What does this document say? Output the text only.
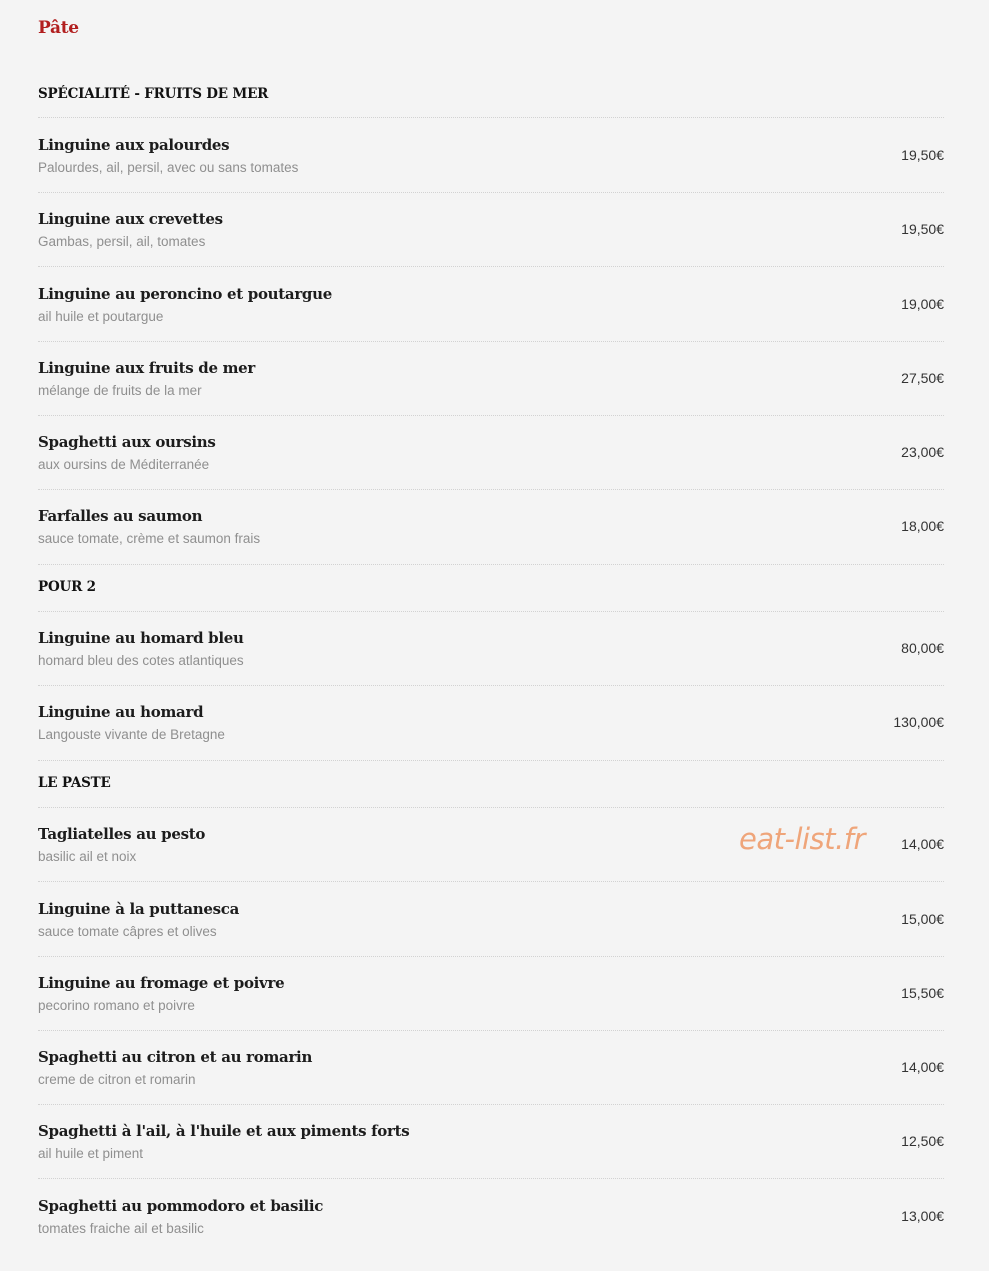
Pâte
SPÉCIALITÉ - FRUITS DE MER
Linguine aux palourdes
Palourdes, ail, persil, avec ou sans tomates
19,50€
Linguine aux crevettes
Gambas, persil, ail, tomates
19,50€
Linguine au peroncino et poutargue
ail huile et poutargue
19,00€
Linguine aux fruits de mer
mélange de fruits de la mer
27,50€
Spaghetti aux oursins
aux oursins de Méditerranée
23,00€
Farfalles au saumon
sauce tomate, crème et saumon frais
18,00€
POUR 2
Linguine au homard bleu
homard bleu des cotes atlantiques
80,00€
Linguine au homard
Langouste vivante de Bretagne
130,00€
LE PASTE
Tagliatelles au pesto
basilic ail et noix
14,00€
Linguine à la puttanesca
sauce tomate câpres et olives
15,00€
Linguine au fromage et poivre
pecorino romano et poivre
15,50€
Spaghetti au citron et au romarin
creme de citron et romarin
14,00€
Spaghetti à l'ail, à l'huile et aux piments forts
ail huile et piment
12,50€
Spaghetti au pommodoro et basilic
tomates fraiche ail et basilic
13,00€
eat-list.fr
